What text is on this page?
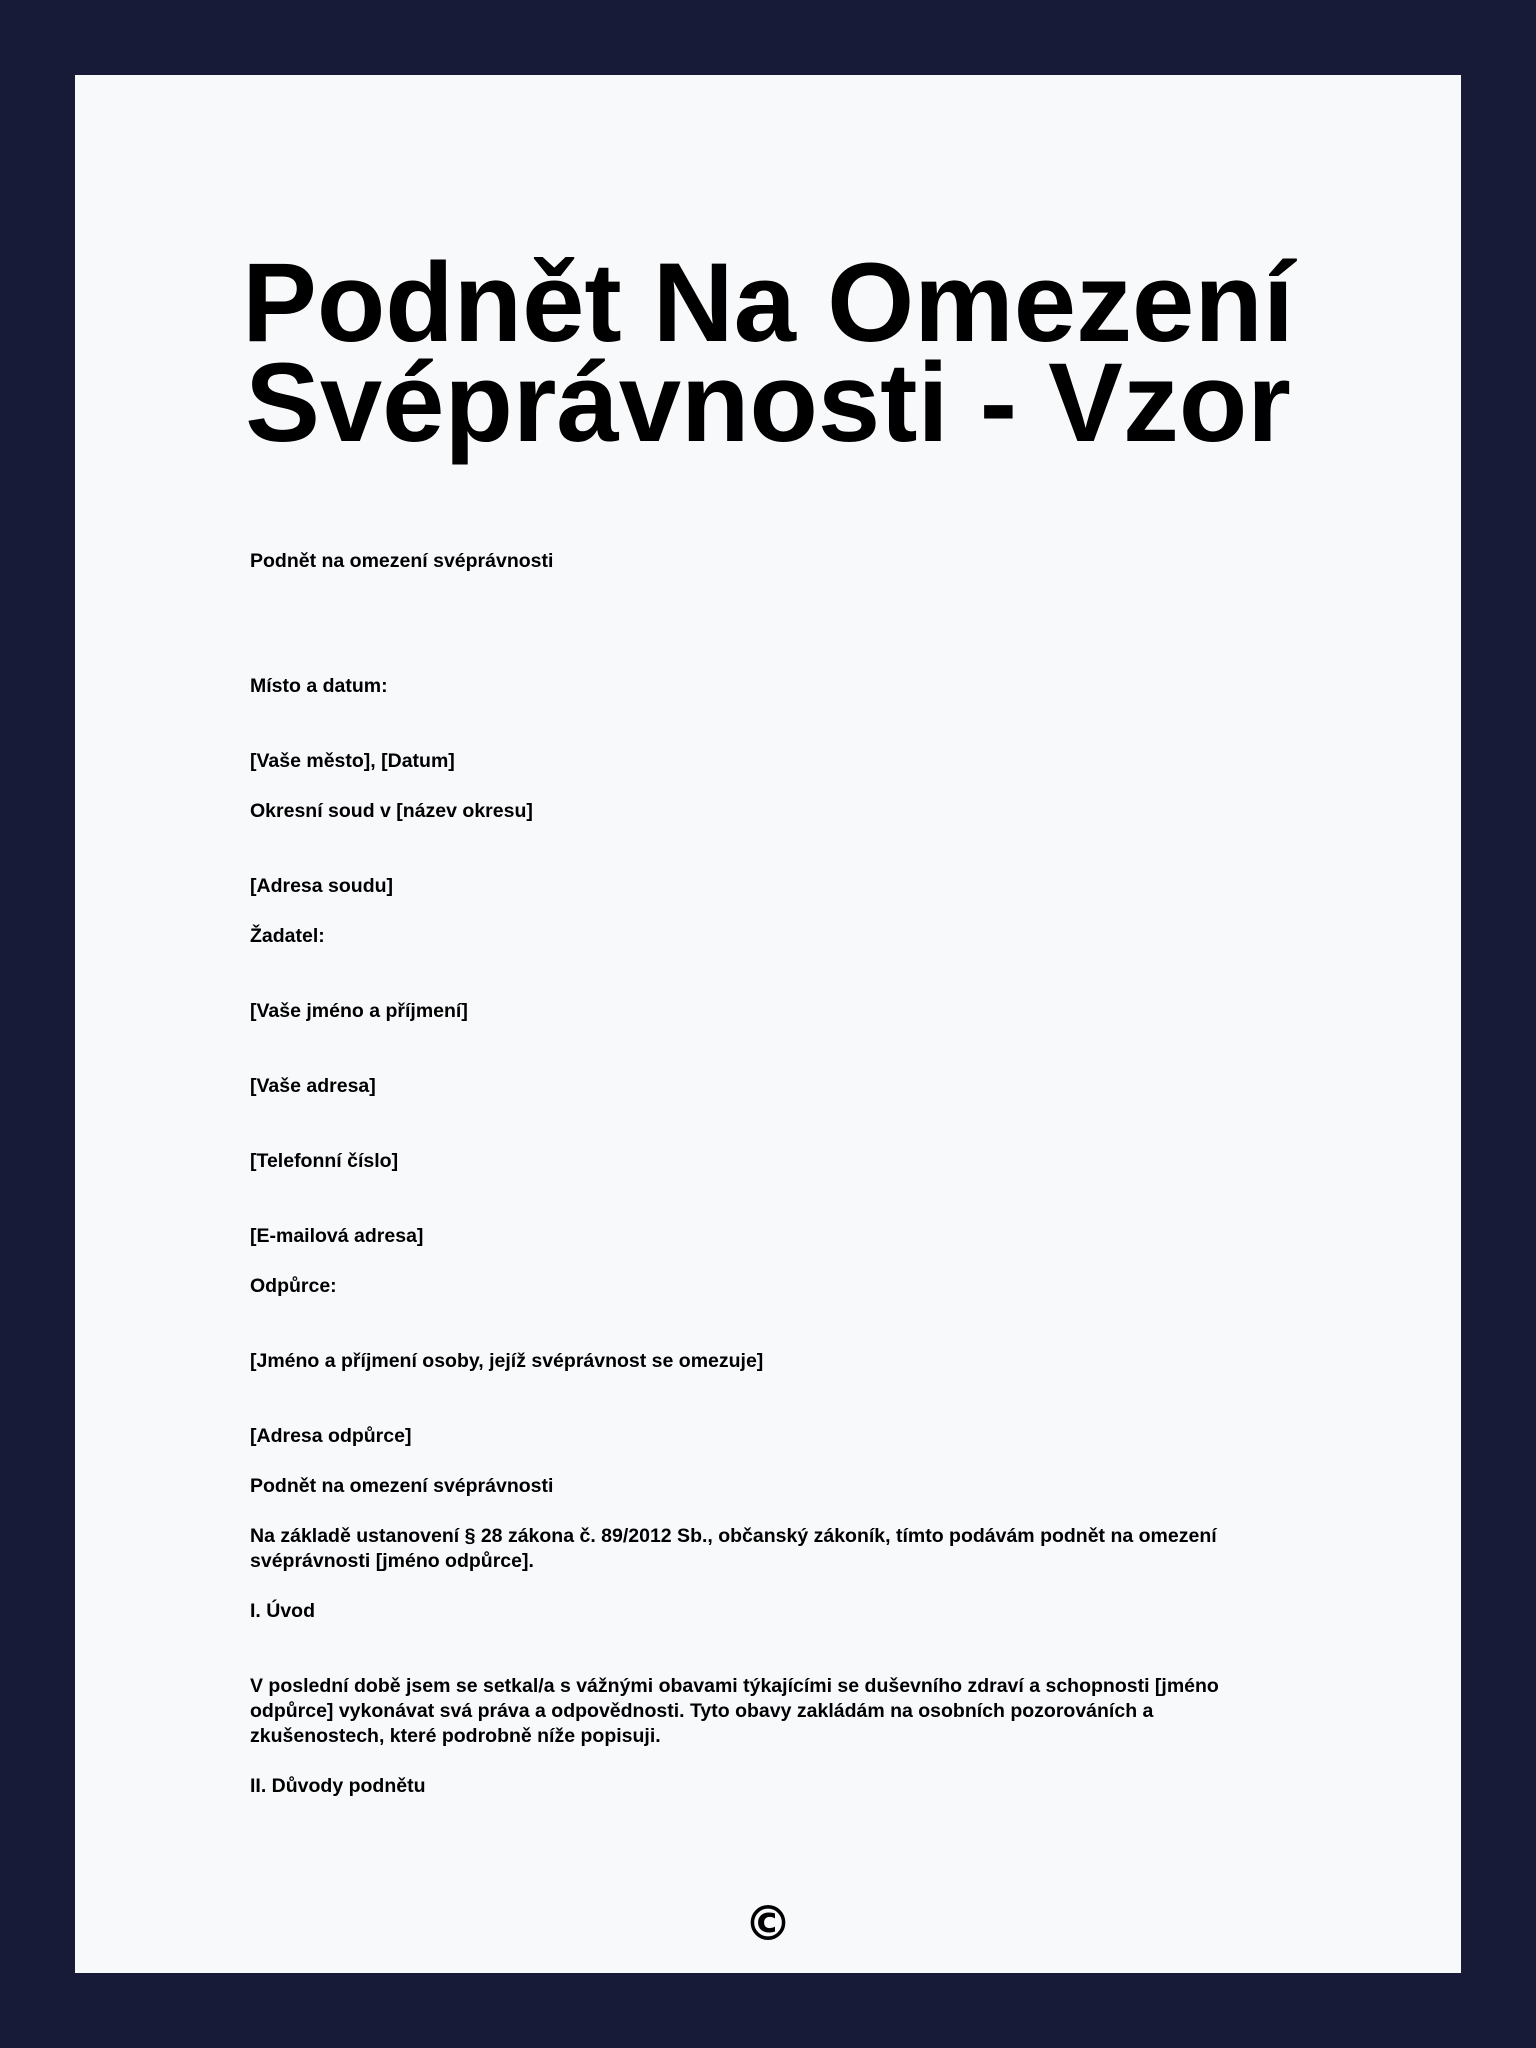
Podnět Na Omezení
Svéprávnosti - Vzor

Podnět na omezení svéprávnosti

Místo a datum:

[Vaše město], [Datum]

Okresní soud v [název okresu]

[Adresa soudu]

Žadatel:

[Vaše jméno a příjmení]

[Vaše adresa]

[Telefonní číslo]

[E-mailová adresa]

Odpůrce:

[Jméno a příjmení osoby, jejíž svéprávnost se omezuje]

[Adresa odpůrce]

Podnět na omezení svéprávnosti

Na základě ustanovení § 28 zákona č. 89/2012 Sb., občanský zákoník, tímto podávám podnět na omezení svéprávnosti [jméno odpůrce].

I. Úvod

V poslední době jsem se setkal/a s vážnými obavami týkajícími se duševního zdraví a schopnosti [jméno odpůrce] vykonávat svá práva a odpovědnosti. Tyto obavy zakládám na osobních pozorováních a zkušenostech, které podrobně níže popisuji.

II. Důvody podnětu

©
